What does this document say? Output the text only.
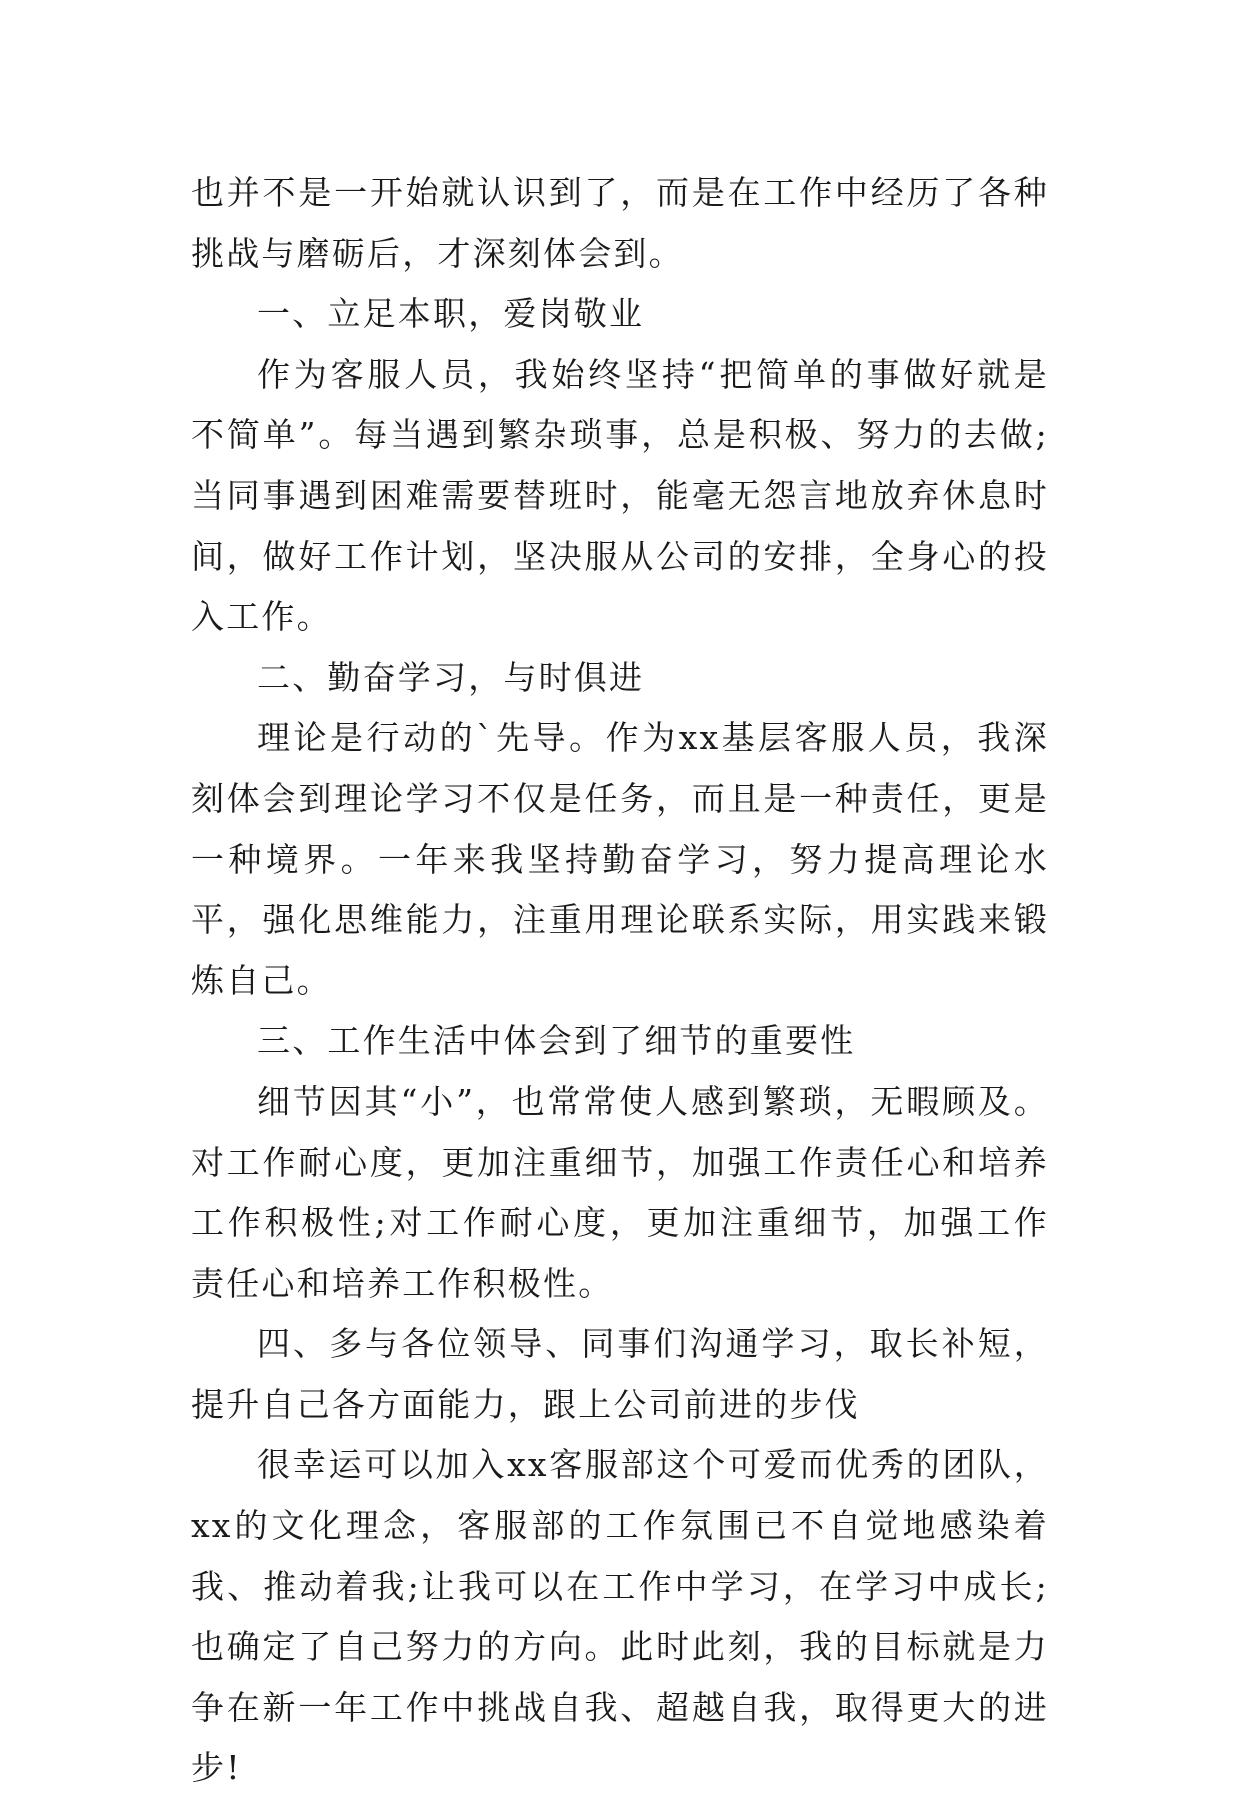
也并不是一开始就认识到了，而是在工作中经历了各种挑战与磨砺后，才深刻体会到。

一、立足本职，爱岗敬业

作为客服人员，我始终坚持“把简单的事做好就是不简单”。每当遇到繁杂琐事，总是积极、努力的去做;当同事遇到困难需要替班时，能毫无怨言地放弃休息时间，做好工作计划，坚决服从公司的安排，全身心的投入工作。

二、勤奋学习，与时俱进

理论是行动的`先导。作为xx基层客服人员，我深刻体会到理论学习不仅是任务，而且是一种责任，更是一种境界。一年来我坚持勤奋学习，努力提高理论水平，强化思维能力，注重用理论联系实际，用实践来锻炼自己。

三、工作生活中体会到了细节的重要性

细节因其“小”，也常常使人感到繁琐，无暇顾及。对工作耐心度，更加注重细节，加强工作责任心和培养工作积极性;对工作耐心度，更加注重细节，加强工作责任心和培养工作积极性。

四、多与各位领导、同事们沟通学习，取长补短，提升自己各方面能力，跟上公司前进的步伐

很幸运可以加入xx客服部这个可爱而优秀的团队，xx的文化理念，客服部的工作氛围已不自觉地感染着我、推动着我;让我可以在工作中学习，在学习中成长;也确定了自己努力的方向。此时此刻，我的目标就是力争在新一年工作中挑战自我、超越自我，取得更大的进步!
